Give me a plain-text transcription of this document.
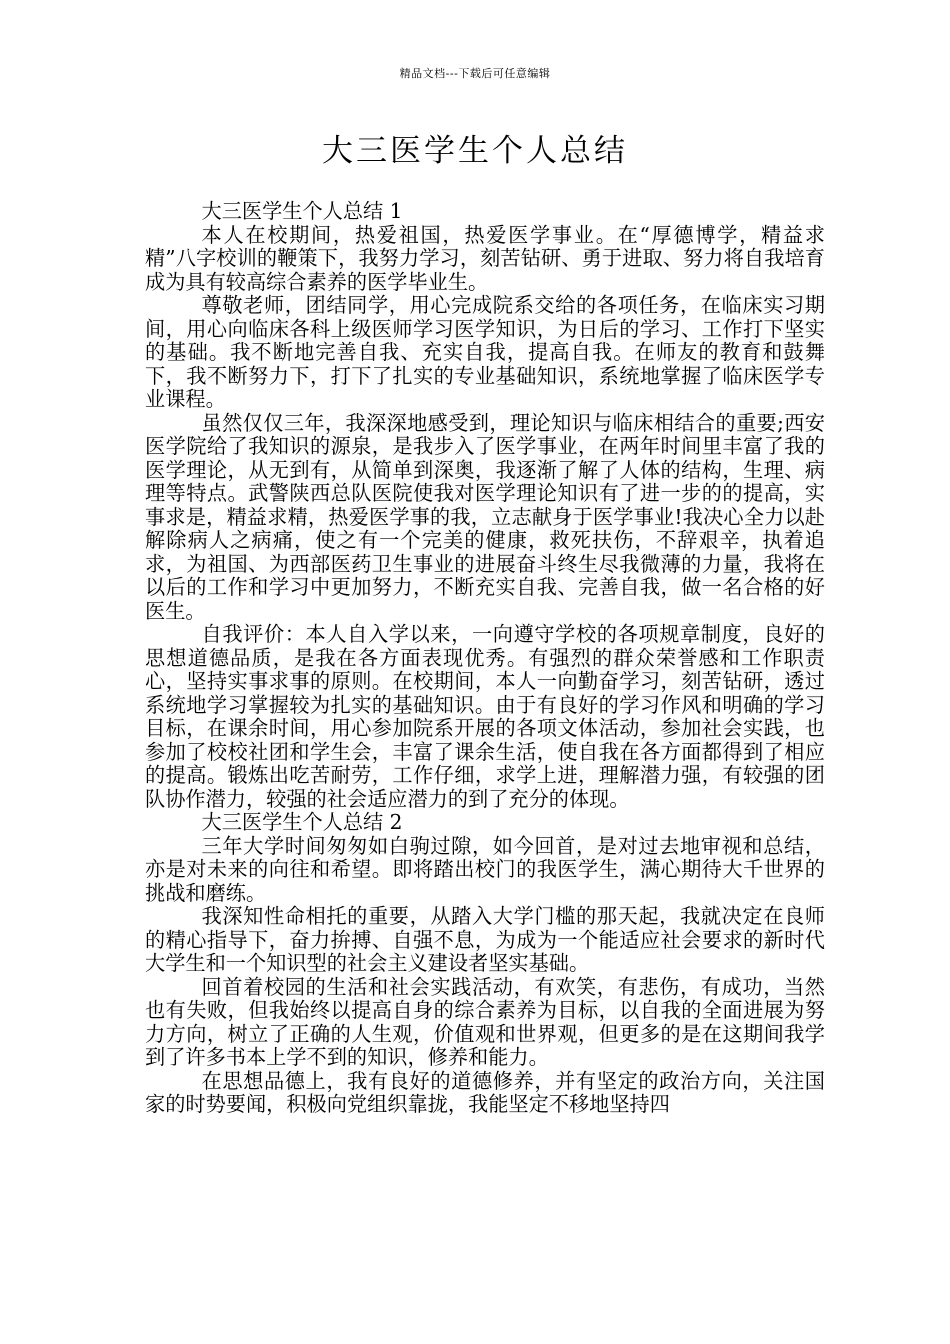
精品文档---下载后可任意编辑
大三医学生个人总结

大三医学生个人总结 1

本人在校期间，热爱祖国，热爱医学事业。在“厚德博学，精益求精”八字校训的鞭策下，我努力学习，刻苦钻研、勇于进取、努力将自我培育成为具有较高综合素养的医学毕业生。

尊敬老师，团结同学，用心完成院系交给的各项任务，在临床实习期间，用心向临床各科上级医师学习医学知识，为日后的学习、工作打下坚实的基础。我不断地完善自我、充实自我，提高自我。在师友的教育和鼓舞下，我不断努力下，打下了扎实的专业基础知识，系统地掌握了临床医学专业课程。

虽然仅仅三年，我深深地感受到，理论知识与临床相结合的重要;西安医学院给了我知识的源泉，是我步入了医学事业，在两年时间里丰富了我的医学理论，从无到有，从简单到深奥，我逐渐了解了人体的结构，生理、病理等特点。武警陕西总队医院使我对医学理论知识有了进一步的的提高，实事求是，精益求精，热爱医学事的我，立志献身于医学事业!我决心全力以赴解除病人之病痛，使之有一个完美的健康，救死扶伤，不辞艰辛，执着追求，为祖国、为西部医药卫生事业的进展奋斗终生尽我微薄的力量，我将在以后的工作和学习中更加努力，不断充实自我、完善自我，做一名合格的好医生。

自我评价：本人自入学以来，一向遵守学校的各项规章制度，良好的思想道德品质，是我在各方面表现优秀。有强烈的群众荣誉感和工作职责心，坚持实事求事的原则。在校期间，本人一向勤奋学习，刻苦钻研，透过系统地学习掌握较为扎实的基础知识。由于有良好的学习作风和明确的学习目标，在课余时间，用心参加院系开展的各项文体活动，参加社会实践，也参加了校校社团和学生会，丰富了课余生活，使自我在各方面都得到了相应的提高。锻炼出吃苦耐劳，工作仔细，求学上进，理解潜力强，有较强的团队协作潜力，较强的社会适应潜力的到了充分的体现。

大三医学生个人总结 2

三年大学时间匆匆如白驹过隙，如今回首，是对过去地审视和总结，亦是对未来的向往和希望。即将踏出校门的我医学生，满心期待大千世界的挑战和磨练。

我深知性命相托的重要，从踏入大学门槛的那天起，我就决定在良师的精心指导下，奋力拚搏、自强不息，为成为一个能适应社会要求的新时代大学生和一个知识型的社会主义建设者坚实基础。

回首着校园的生活和社会实践活动，有欢笑，有悲伤，有成功，当然也有失败，但我始终以提高自身的综合素养为目标，以自我的全面进展为努力方向，树立了正确的人生观，价值观和世界观，但更多的是在这期间我学到了许多书本上学不到的知识，修养和能力。

在思想品德上，我有良好的道德修养，并有坚定的政治方向，关注国家的时势要闻，积极向党组织靠拢，我能坚定不移地坚持四
